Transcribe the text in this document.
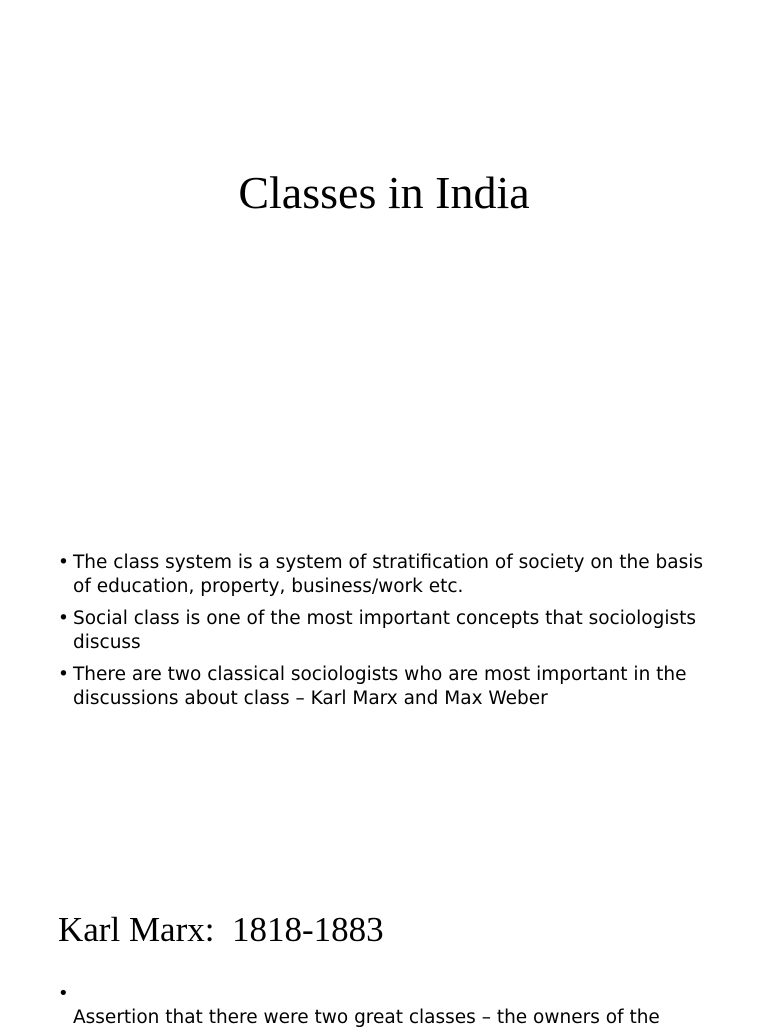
Classes in India
• The class system is a system of stratification of society on the basis of education, property, business/work etc.
• Social class is one of the most important concepts that sociologists discuss
• There are two classical sociologists who are most important in the discussions about class – Karl Marx and Max Weber
Karl Marx:  1818-1883
•
Assertion that there were two great classes – the owners of the
